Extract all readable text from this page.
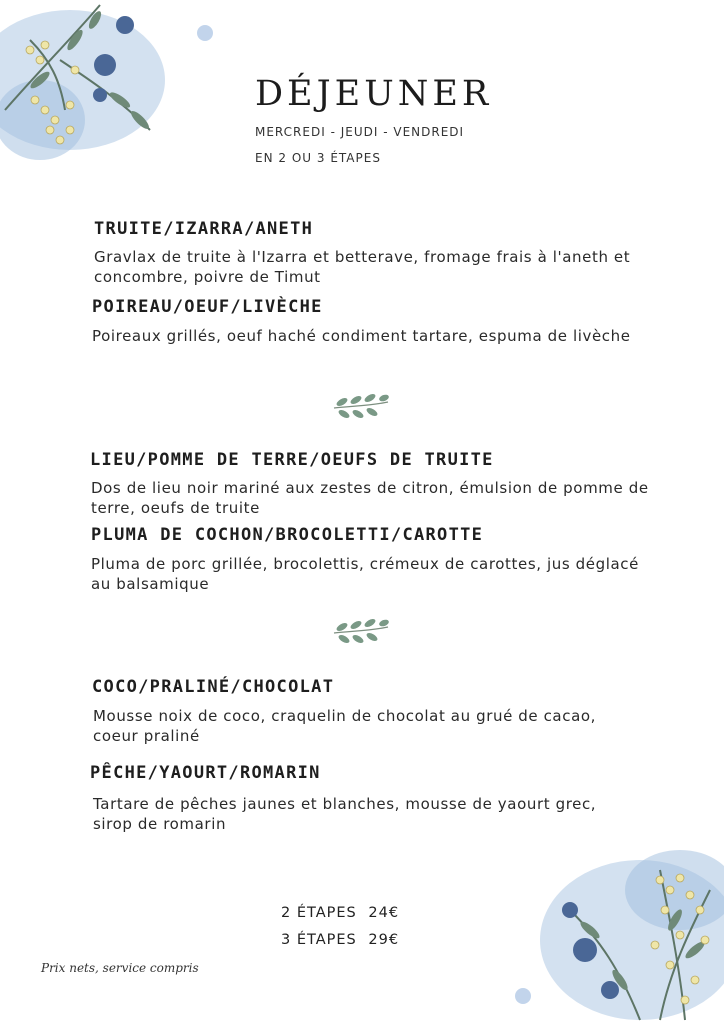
DÉJEUNER
MERCREDI - JEUDI - VENDREDI
EN 2 OU 3 ÉTAPES
TRUITE/IZARRA/ANETH
Gravlax de truite à l'Izarra et betterave, fromage frais à l'aneth et concombre, poivre de Timut
POIREAU/OEUF/LIVÈCHE
Poireaux grillés, oeuf haché condiment tartare, espuma de livèche
LIEU/POMME DE TERRE/OEUFS DE TRUITE
Dos de lieu noir mariné aux zestes de citron, émulsion de pomme de terre, oeufs de truite
PLUMA DE COCHON/BROCOLETTI/CAROTTE
Pluma de porc grillée, brocolettis, crémeux de carottes, jus déglacé au balsamique
COCO/PRALINÉ/CHOCOLAT
Mousse noix de coco, craquelin de chocolat au grué de cacao, coeur praliné
PÊCHE/YAOURT/ROMARIN
Tartare de pêches jaunes et blanches, mousse de yaourt grec, sirop de romarin
2 ÉTAPES 24€
3 ÉTAPES 29€
Prix nets, service compris
